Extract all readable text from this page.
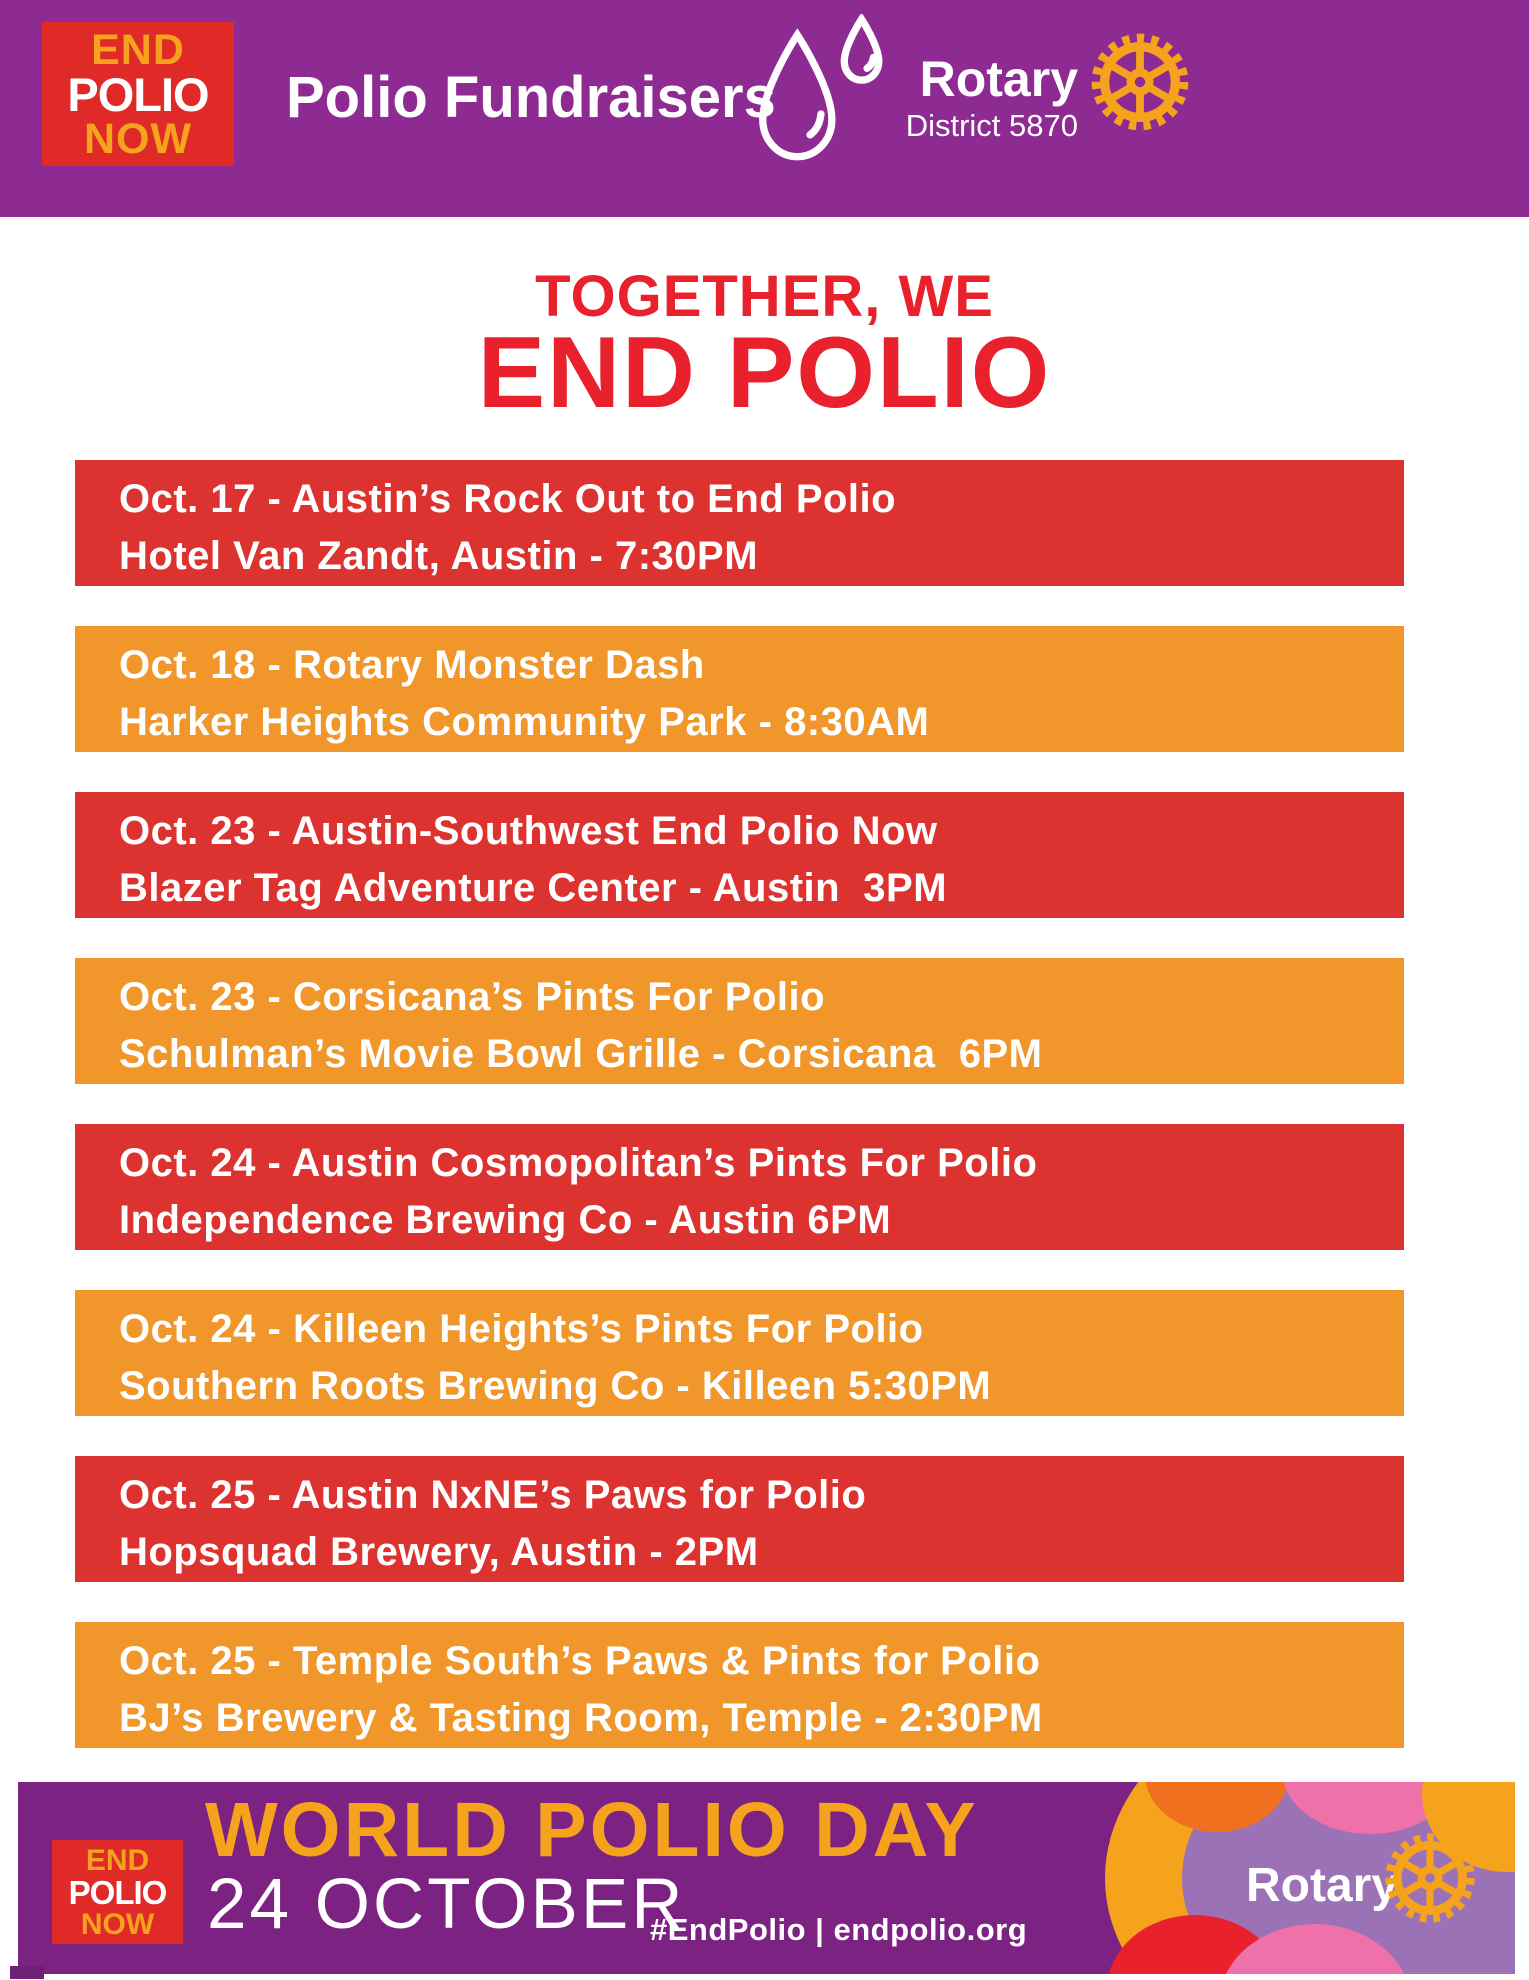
END
POLIO
NOW
Polio Fundraisers	Rotary
District 5870
TOGETHER, WE
END POLIO
Oct. 17 - Austin’s Rock Out to End Polio
Hotel Van Zandt, Austin - 7:30PM
Oct. 18 - Rotary Monster Dash
Harker Heights Community Park - 8:30AM
Oct. 23 - Austin-Southwest End Polio Now
Blazer Tag Adventure Center - Austin  3PM
Oct. 23 - Corsicana’s Pints For Polio
Schulman’s Movie Bowl Grille - Corsicana  6PM
Oct. 24 - Austin Cosmopolitan’s Pints For Polio
Independence Brewing Co - Austin 6PM
Oct. 24 - Killeen Heights’s Pints For Polio
Southern Roots Brewing Co - Killeen 5:30PM
Oct. 25 - Austin NxNE’s Paws for Polio
Hopsquad Brewery, Austin - 2PM
Oct. 25 - Temple South’s Paws & Pints for Polio
BJ’s Brewery & Tasting Room, Temple - 2:30PM
END
POLIO
NOW
WORLD POLIO DAY
24 OCTOBER
#EndPolio | endpolio.org
Rotary
